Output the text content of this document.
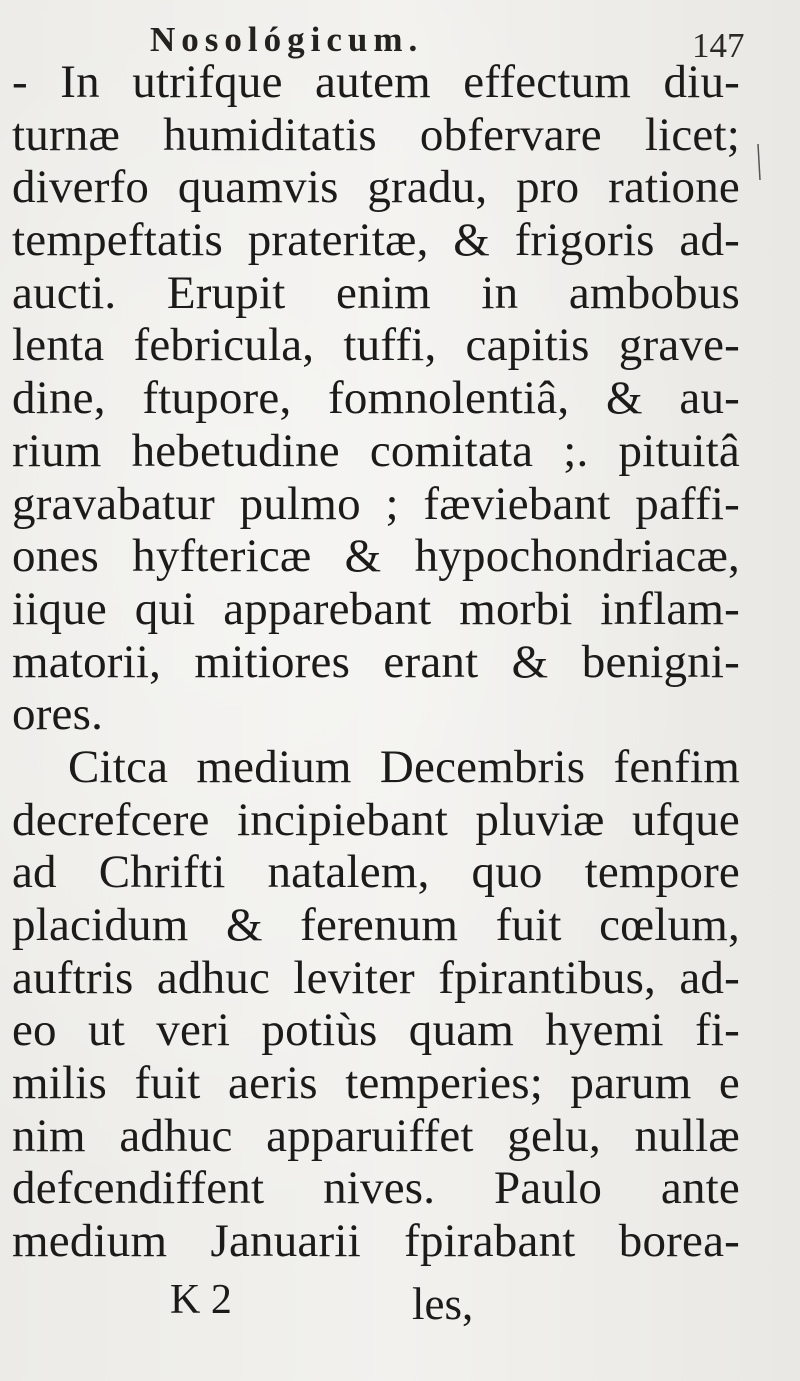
Nosológicum.	147
- In utrifque autem effectum diu-
turnæ humiditatis obfervare licet;
diverfo quamvis gradu, pro ratione
tempeftatis prateritæ, & frigoris ad-
aucti. Erupit enim in ambobus
lenta febricula, tuffi, capitis grave-
dine, ftupore, fomnolentiâ, & au-
rium hebetudine comitata ;. pituitâ
gravabatur pulmo ; fæviebant paffi-
ones hyftericæ & hypochondriacæ,
iique qui apparebant morbi inflam-
matorii, mitiores erant & benigni-
ores.
Citca medium Decembris fenfim
decrefcere incipiebant pluviæ ufque
ad Chrifti natalem, quo tempore
placidum & ferenum fuit cœlum,
auftris adhuc leviter fpirantibus, ad-
eo ut veri potiùs quam hyemi fi-
milis fuit aeris temperies; parum e
nim adhuc apparuiffet gelu, nullæ
defcendiffent nives. Paulo ante
medium Januarii fpirabant borea-
K 2	les,
